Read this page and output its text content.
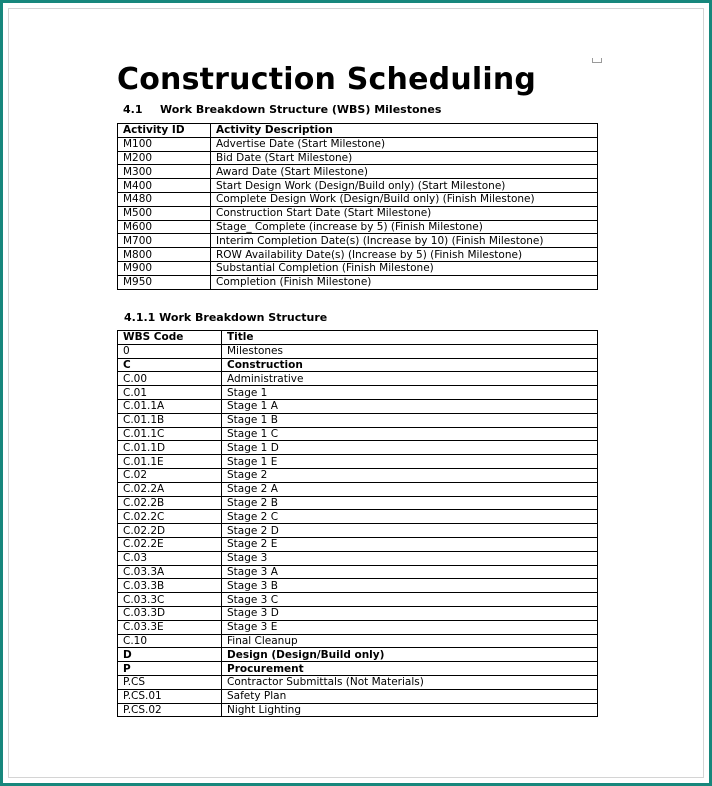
Construction Scheduling
4.1 Work Breakdown Structure (WBS) Milestones
Activity ID	Activity Description
M100	Advertise Date (Start Milestone)
M200	Bid Date (Start Milestone)
M300	Award Date (Start Milestone)
M400	Start Design Work (Design/Build only) (Start Milestone)
M480	Complete Design Work (Design/Build only) (Finish Milestone)
M500	Construction Start Date (Start Milestone)
M600	Stage_ Complete (increase by 5) (Finish Milestone)
M700	Interim Completion Date(s) (Increase by 10) (Finish Milestone)
M800	ROW Availability Date(s) (Increase by 5) (Finish Milestone)
M900	Substantial Completion (Finish Milestone)
M950	Completion (Finish Milestone)
4.1.1 Work Breakdown Structure
WBS Code	Title
0	Milestones
C	Construction
C.00	Administrative
C.01	Stage 1
C.01.1A	Stage 1 A
C.01.1B	Stage 1 B
C.01.1C	Stage 1 C
C.01.1D	Stage 1 D
C.01.1E	Stage 1 E
C.02	Stage 2
C.02.2A	Stage 2 A
C.02.2B	Stage 2 B
C.02.2C	Stage 2 C
C.02.2D	Stage 2 D
C.02.2E	Stage 2 E
C.03	Stage 3
C.03.3A	Stage 3 A
C.03.3B	Stage 3 B
C.03.3C	Stage 3 C
C.03.3D	Stage 3 D
C.03.3E	Stage 3 E
C.10	Final Cleanup
D	Design (Design/Build only)
P	Procurement
P.CS	Contractor Submittals (Not Materials)
P.CS.01	Safety Plan
P.CS.02	Night Lighting
